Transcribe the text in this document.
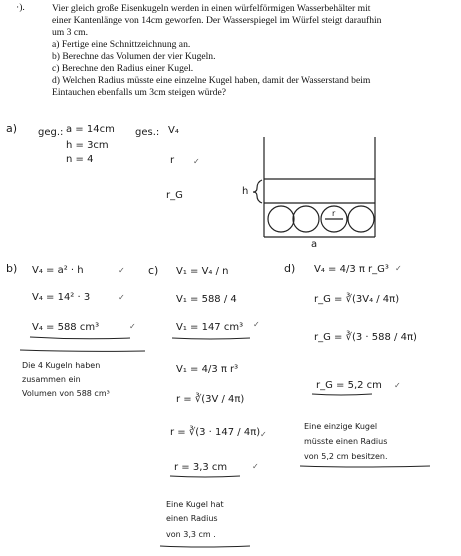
·).	Vier gleich große Eisenkugeln werden in einen würfelförmigen Wasserbehälter mit
einer Kantenlänge von 14cm geworfen. Der Wasserspiegel im Würfel steigt daraufhin
um 3 cm.
a) Fertige eine Schnittzeichnung an.
b) Berechne das Volumen der vier Kugeln.
c) Berechne den Radius einer Kugel.
d) Welchen Radius müsste eine einzelne Kugel haben, damit der Wasserstand beim
Eintauchen ebenfalls um 3cm steigen würde?
a) geg.: a = 14cm
h = 3cm
n = 4
ges.: V₄
r
r_G
✓
h
r
a
b) V₄ = a² · h
V₄ = 14² · 3
V₄ = 588 cm³
Die 4 Kugeln haben
zusammen ein
Volumen von 588 cm³
✓
✓
✓
c) V₁ = V₄ / n
V₁ = 588 / 4
V₁ = 147 cm³
V₁ = 4/3 π r³
r = ∛(3V / 4π)
r = ∛(3 · 147 / 4π)
r = 3,3 cm
Eine Kugel hat
einen Radius
von 3,3 cm .
✓
✓
✓
d) V₄ = 4/3 π r_G³
r_G = ∛(3V₄ / 4π)
r_G = ∛(3 · 588 / 4π)
r_G = 5,2 cm
Eine einzige Kugel
müsste einen Radius
von 5,2 cm besitzen.
✓
✓
